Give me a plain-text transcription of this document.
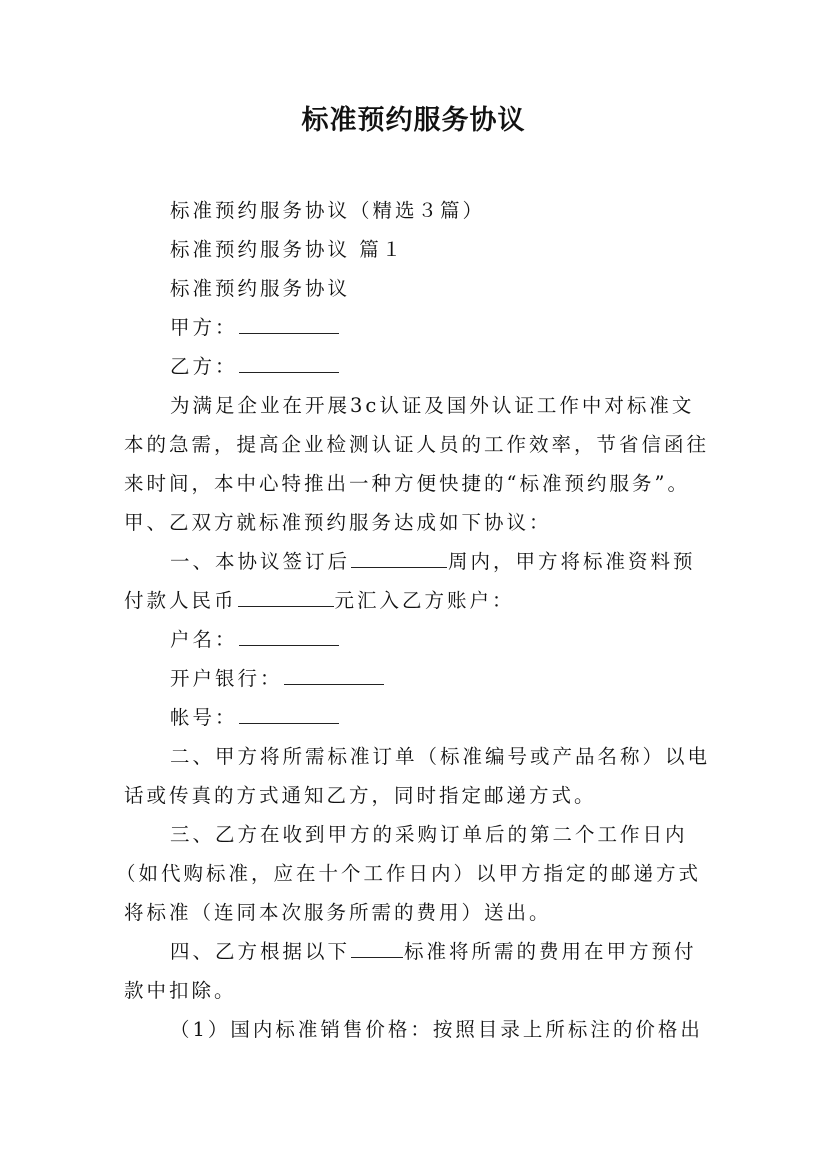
标准预约服务协议
标准预约服务协议（精选３篇）
标准预约服务协议 篇１
标准预约服务协议
甲方：
乙方：
为满足企业在开展3c认证及国外认证工作中对标准文
本的急需，提高企业检测认证人员的工作效率，节省信函往
来时间，本中心特推出一种方便快捷的“标准预约服务”。
甲、乙双方就标准预约服务达成如下协议：
一、本协议签订后	周内，甲方将标准资料预
付款人民币	元汇入乙方账户：
户名：
开户银行：
帐号：
二、甲方将所需标准订单（标准编号或产品名称）以电
话或传真的方式通知乙方，同时指定邮递方式。
三、乙方在收到甲方的采购订单后的第二个工作日内
（如代购标准，应在十个工作日内）以甲方指定的邮递方式
将标准（连同本次服务所需的费用）送出。
四、乙方根据以下	标准将所需的费用在甲方预付
款中扣除。
（1）国内标准销售价格：按照目录上所标注的价格出
